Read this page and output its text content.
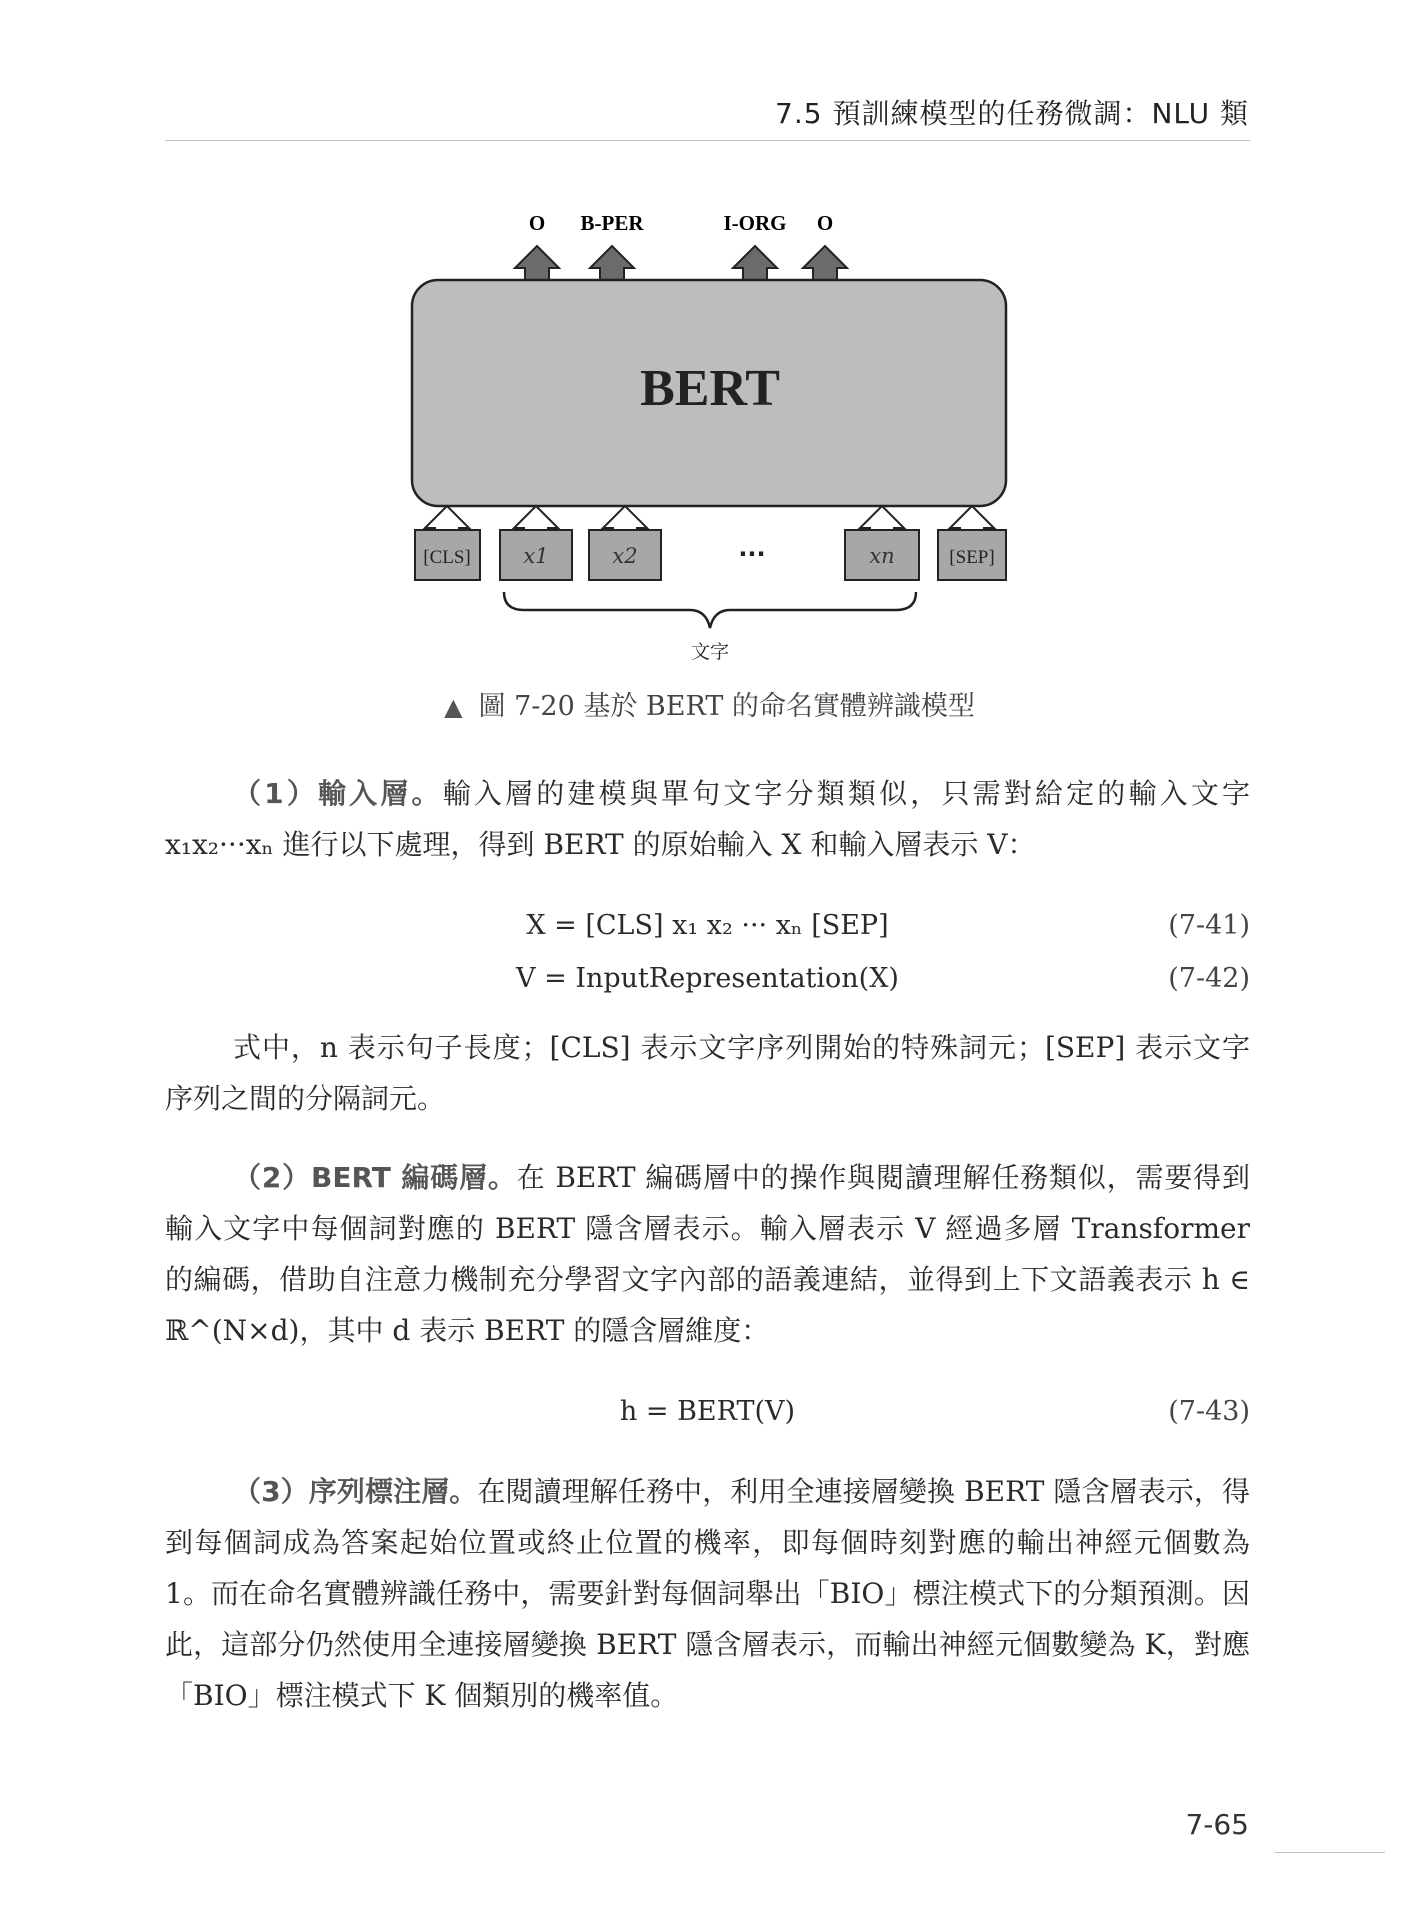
7.5 預訓練模型的任務微調：NLU 類
O B-PER	I-ORG O
BERT
[CLS]	x1	x2	···	xn	[SEP]
文字
▲ 圖 7-20 基於 BERT 的命名實體辨識模型
（1）輸入層。輸入層的建模與單句文字分類類似，只需對給定的輸入文字 x₁x₂···xₙ 進行以下處理，得到 BERT 的原始輸入 X 和輸入層表示 V：
X = [CLS] x₁ x₂ ··· xₙ [SEP]	(7-41)
V = InputRepresentation(X)	(7-42)
式中，n 表示句子長度；[CLS] 表示文字序列開始的特殊詞元；[SEP] 表示文字序列之間的分隔詞元。
（2）BERT 編碼層。在 BERT 編碼層中的操作與閱讀理解任務類似，需要得到輸入文字中每個詞對應的 BERT 隱含層表示。輸入層表示 V 經過多層 Transformer 的編碼，借助自注意力機制充分學習文字內部的語義連結，並得到上下文語義表示 h ∈ ℝ^(N×d)，其中 d 表示 BERT 的隱含層維度：
h = BERT(V)	(7-43)
（3）序列標注層。在閱讀理解任務中，利用全連接層變換 BERT 隱含層表示，得到每個詞成為答案起始位置或終止位置的機率，即每個時刻對應的輸出神經元個數為 1。而在命名實體辨識任務中，需要針對每個詞舉出「BIO」標注模式下的分類預測。因此，這部分仍然使用全連接層變換 BERT 隱含層表示，而輸出神經元個數變為 K，對應「BIO」標注模式下 K 個類別的機率值。
7-65
